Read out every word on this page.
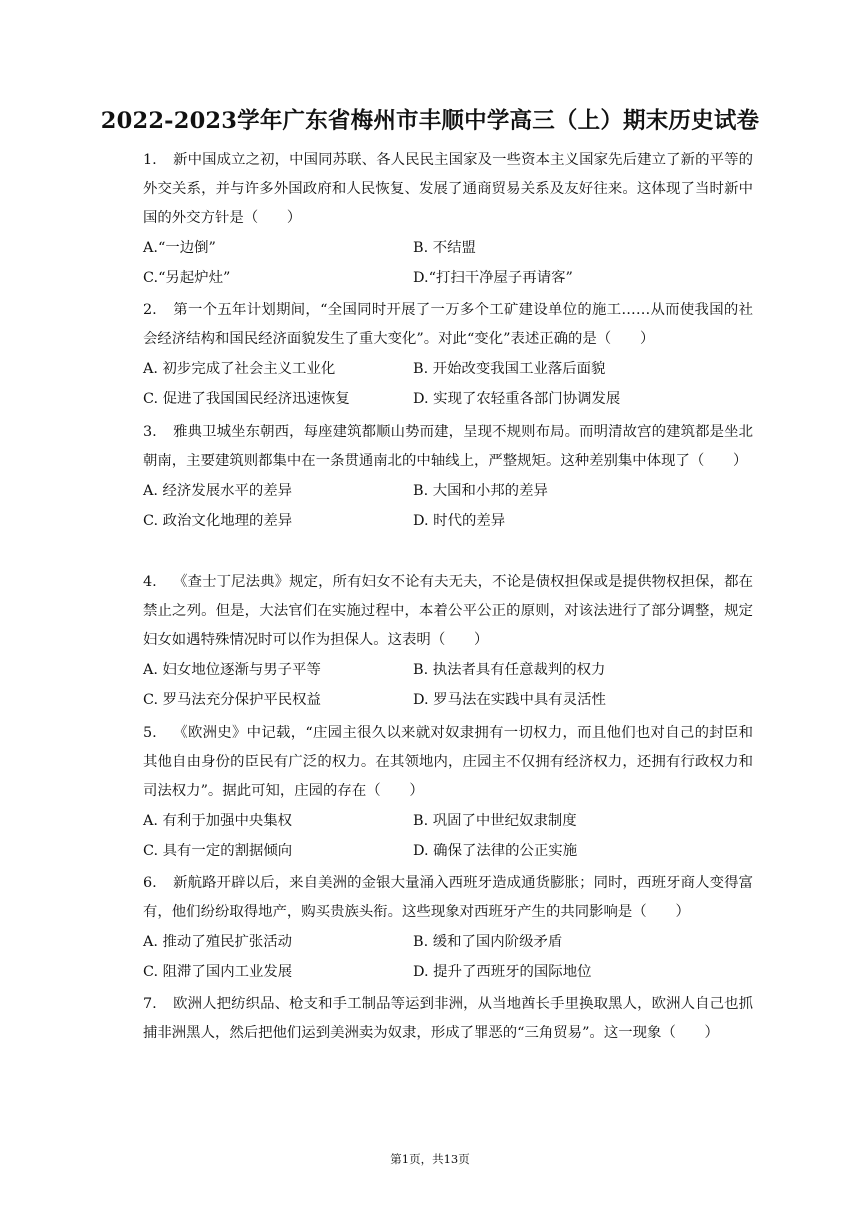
2022-2023学年广东省梅州市丰顺中学高三（上）期末历史试卷
1. 新中国成立之初，中国同苏联、各人民民主国家及一些资本主义国家先后建立了新的平等的外交关系，并与许多外国政府和人民恢复、发展了通商贸易关系及友好往来。这体现了当时新中国的外交方针是（　　）
A.“一边倒”	B. 不结盟
C.“另起炉灶”	D.“打扫干净屋子再请客”
2. 第一个五年计划期间，“全国同时开展了一万多个工矿建设单位的施工……从而使我国的社会经济结构和国民经济面貌发生了重大变化”。对此“变化”表述正确的是（　　）
A. 初步完成了社会主义工业化	B. 开始改变我国工业落后面貌
C. 促进了我国国民经济迅速恢复	D. 实现了农轻重各部门协调发展
3. 雅典卫城坐东朝西，每座建筑都顺山势而建，呈现不规则布局。而明清故宫的建筑都是坐北朝南，主要建筑则都集中在一条贯通南北的中轴线上，严整规矩。这种差别集中体现了（　　）
A. 经济发展水平的差异	B. 大国和小邦的差异
C. 政治文化地理的差异	D. 时代的差异
4. 《查士丁尼法典》规定，所有妇女不论有夫无夫，不论是债权担保或是提供物权担保，都在禁止之列。但是，大法官们在实施过程中，本着公平公正的原则，对该法进行了部分调整，规定妇女如遇特殊情况时可以作为担保人。这表明（　　）
A. 妇女地位逐渐与男子平等	B. 执法者具有任意裁判的权力
C. 罗马法充分保护平民权益	D. 罗马法在实践中具有灵活性
5. 《欧洲史》中记载，“庄园主很久以来就对奴隶拥有一切权力，而且他们也对自己的封臣和其他自由身份的臣民有广泛的权力。在其领地内，庄园主不仅拥有经济权力，还拥有行政权力和司法权力”。据此可知，庄园的存在（　　）
A. 有利于加强中央集权	B. 巩固了中世纪奴隶制度
C. 具有一定的割据倾向	D. 确保了法律的公正实施
6. 新航路开辟以后，来自美洲的金银大量涌入西班牙造成通货膨胀；同时，西班牙商人变得富有，他们纷纷取得地产，购买贵族头衔。这些现象对西班牙产生的共同影响是（　　）
A. 推动了殖民扩张活动	B. 缓和了国内阶级矛盾
C. 阻滞了国内工业发展	D. 提升了西班牙的国际地位
7. 欧洲人把纺织品、枪支和手工制品等运到非洲，从当地酋长手里换取黑人，欧洲人自己也抓捕非洲黑人，然后把他们运到美洲卖为奴隶，形成了罪恶的“三角贸易”。这一现象（　　）
第1页，共13页
